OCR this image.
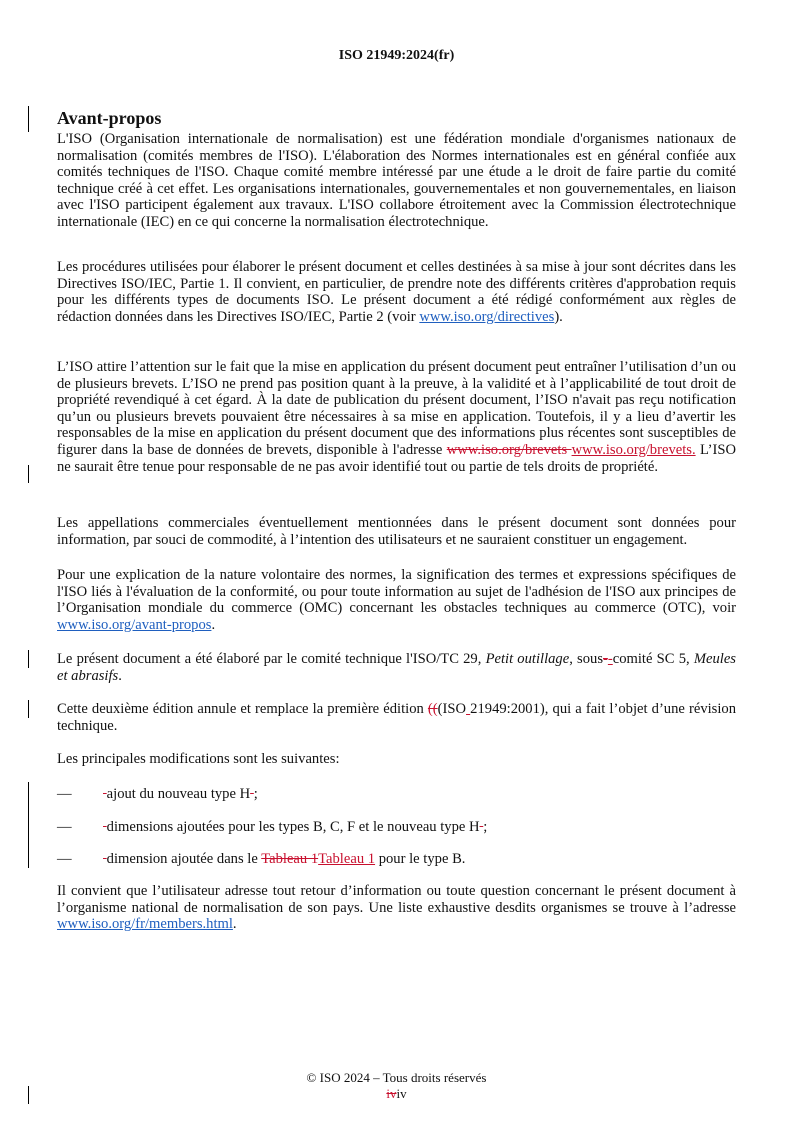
ISO 21949:2024(fr)
Avant-propos
L'ISO (Organisation internationale de normalisation) est une fédération mondiale d'organismes nationaux de normalisation (comités membres de l'ISO). L'élaboration des Normes internationales est en général confiée aux comités techniques de l'ISO. Chaque comité membre intéressé par une étude a le droit de faire partie du comité technique créé à cet effet. Les organisations internationales, gouvernementales et non gouvernementales, en liaison avec l'ISO participent également aux travaux. L'ISO collabore étroitement avec la Commission électrotechnique internationale (IEC) en ce qui concerne la normalisation électrotechnique.
Les procédures utilisées pour élaborer le présent document et celles destinées à sa mise à jour sont décrites dans les Directives ISO/IEC, Partie 1. Il convient, en particulier, de prendre note des différents critères d'approbation requis pour les différents types de documents ISO. Le présent document a été rédigé conformément aux règles de rédaction données dans les Directives ISO/IEC, Partie 2 (voir www.iso.org/directives).
L’ISO attire l’attention sur le fait que la mise en application du présent document peut entraîner l’utilisation d’un ou de plusieurs brevets. L’ISO ne prend pas position quant à la preuve, à la validité et à l’applicabilité de tout droit de propriété revendiqué à cet égard. À la date de publication du présent document, l’ISO n'avait pas reçu notification qu’un ou plusieurs brevets pouvaient être nécessaires à sa mise en application. Toutefois, il y a lieu d’avertir les responsables de la mise en application du présent document que des informations plus récentes sont susceptibles de figurer dans la base de données de brevets, disponible à l'adresse www.iso.org/brevets www.iso.org/brevets. L’ISO ne saurait être tenue pour responsable de ne pas avoir identifié tout ou partie de tels droits de propriété.
Les appellations commerciales éventuellement mentionnées dans le présent document sont données pour information, par souci de commodité, à l’intention des utilisateurs et ne sauraient constituer un engagement.
Pour une explication de la nature volontaire des normes, la signification des termes et expressions spécifiques de l'ISO liés à l'évaluation de la conformité, ou pour toute information au sujet de l'adhésion de l'ISO aux principes de l’Organisation mondiale du commerce (OMC) concernant les obstacles techniques au commerce (OTC), voir www.iso.org/avant-propos.
Le présent document a été élaboré par le comité technique l'ISO/TC 29, Petit outillage, sous--comité SC 5, Meules et abrasifs.
Cette deuxième édition annule et remplace la première édition (((ISO 21949:2001), qui a fait l’objet d’une révision technique.
Les principales modifications sont les suivantes:
— ajout du nouveau type H ;
— dimensions ajoutées pour les types B, C, F et le nouveau type H ;
— dimension ajoutée dans le Tableau 1Tableau 1 pour le type B.
Il convient que l’utilisateur adresse tout retour d’information ou toute question concernant le présent document à l’organisme national de normalisation de son pays. Une liste exhaustive desdits organismes se trouve à l’adresse www.iso.org/fr/members.html.
© ISO 2024 – Tous droits réservés
iviv
